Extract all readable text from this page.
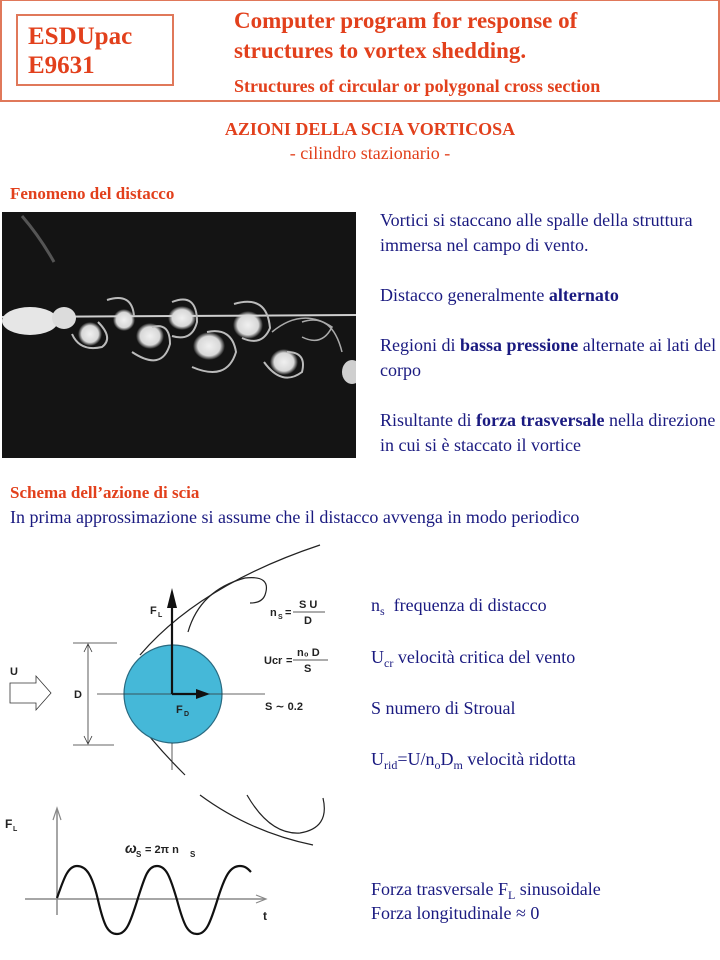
ESDUpac
E9631
Computer program for response of
structures to vortex shedding.
Structures of circular or polygonal cross section
AZIONI DELLA SCIA VORTICOSA
- cilindro stazionario -
Fenomeno del distacco
Vortici si staccano alle spalle della struttura immersa nel campo di vento.
Distacco generalmente alternato
Regioni di bassa pressione alternate ai lati del corpo
Risultante di forza trasversale nella direzione in cui si è staccato il vortice
Schema dell’azione di scia
In prima approssimazione si assume che il distacco avvenga in modo periodico
F L
F D
D
U
n S =
S U
D
Ucr =
n₀ D
S
S ∼ 0.2
F L
t
ω S = 2π n S
$n_s$  frequenza di distacco
$U_{cr}$ velocità critica del vento
S numero di Stroual
$U_{rid}=U/n_oD_m$ velocità ridotta
Forza trasversale $F_L$ sinusoidale
Forza longitudinale ≈ 0
